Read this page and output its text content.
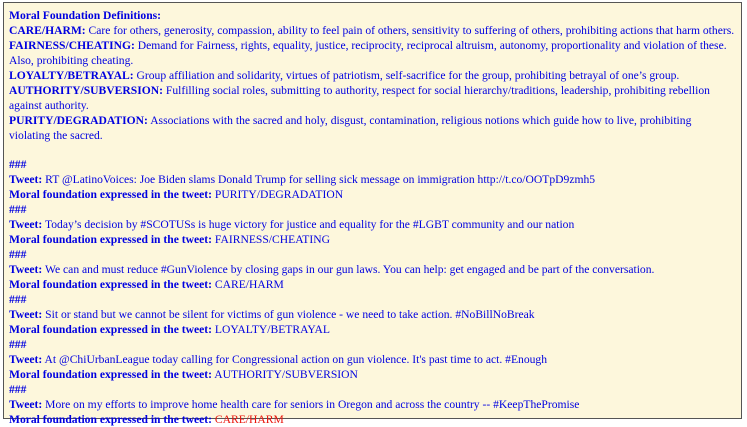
Moral Foundation Definitions:
CARE/HARM: Care for others, generosity, compassion, ability to feel pain of others, sensitivity to suffering of others, prohibiting actions that harm others.
FAIRNESS/CHEATING: Demand for Fairness, rights, equality, justice, reciprocity, reciprocal altruism, autonomy, proportionality and violation of these. Also, prohibiting cheating.
LOYALTY/BETRAYAL: Group affiliation and solidarity, virtues of patriotism, self-sacrifice for the group, prohibiting betrayal of one’s group.
AUTHORITY/SUBVERSION: Fulfilling social roles, submitting to authority, respect for social hierarchy/traditions, leadership, prohibiting rebellion against authority.
PURITY/DEGRADATION: Associations with the sacred and holy, disgust, contamination, religious notions which guide how to live, prohibiting violating the sacred.
###
Tweet: RT @LatinoVoices: Joe Biden slams Donald Trump for selling sick message on immigration http://t.co/OOTpD9zmh5
Moral foundation expressed in the tweet: PURITY/DEGRADATION
###
Tweet: Today’s decision by #SCOTUSs is huge victory for justice and equality for the #LGBT community and our nation
Moral foundation expressed in the tweet: FAIRNESS/CHEATING
###
Tweet: We can and must reduce #GunViolence by closing gaps in our gun laws. You can help: get engaged and be part of the conversation.
Moral foundation expressed in the tweet: CARE/HARM
###
Tweet: Sit or stand but we cannot be silent for victims of gun violence - we need to take action. #NoBillNoBreak
Moral foundation expressed in the tweet: LOYALTY/BETRAYAL
###
Tweet: At @ChiUrbanLeague today calling for Congressional action on gun violence. It's past time to act. #Enough
Moral foundation expressed in the tweet: AUTHORITY/SUBVERSION
###
Tweet: More on my efforts to improve home health care for seniors in Oregon and across the country -- #KeepThePromise
Moral foundation expressed in the tweet: CARE/HARM
